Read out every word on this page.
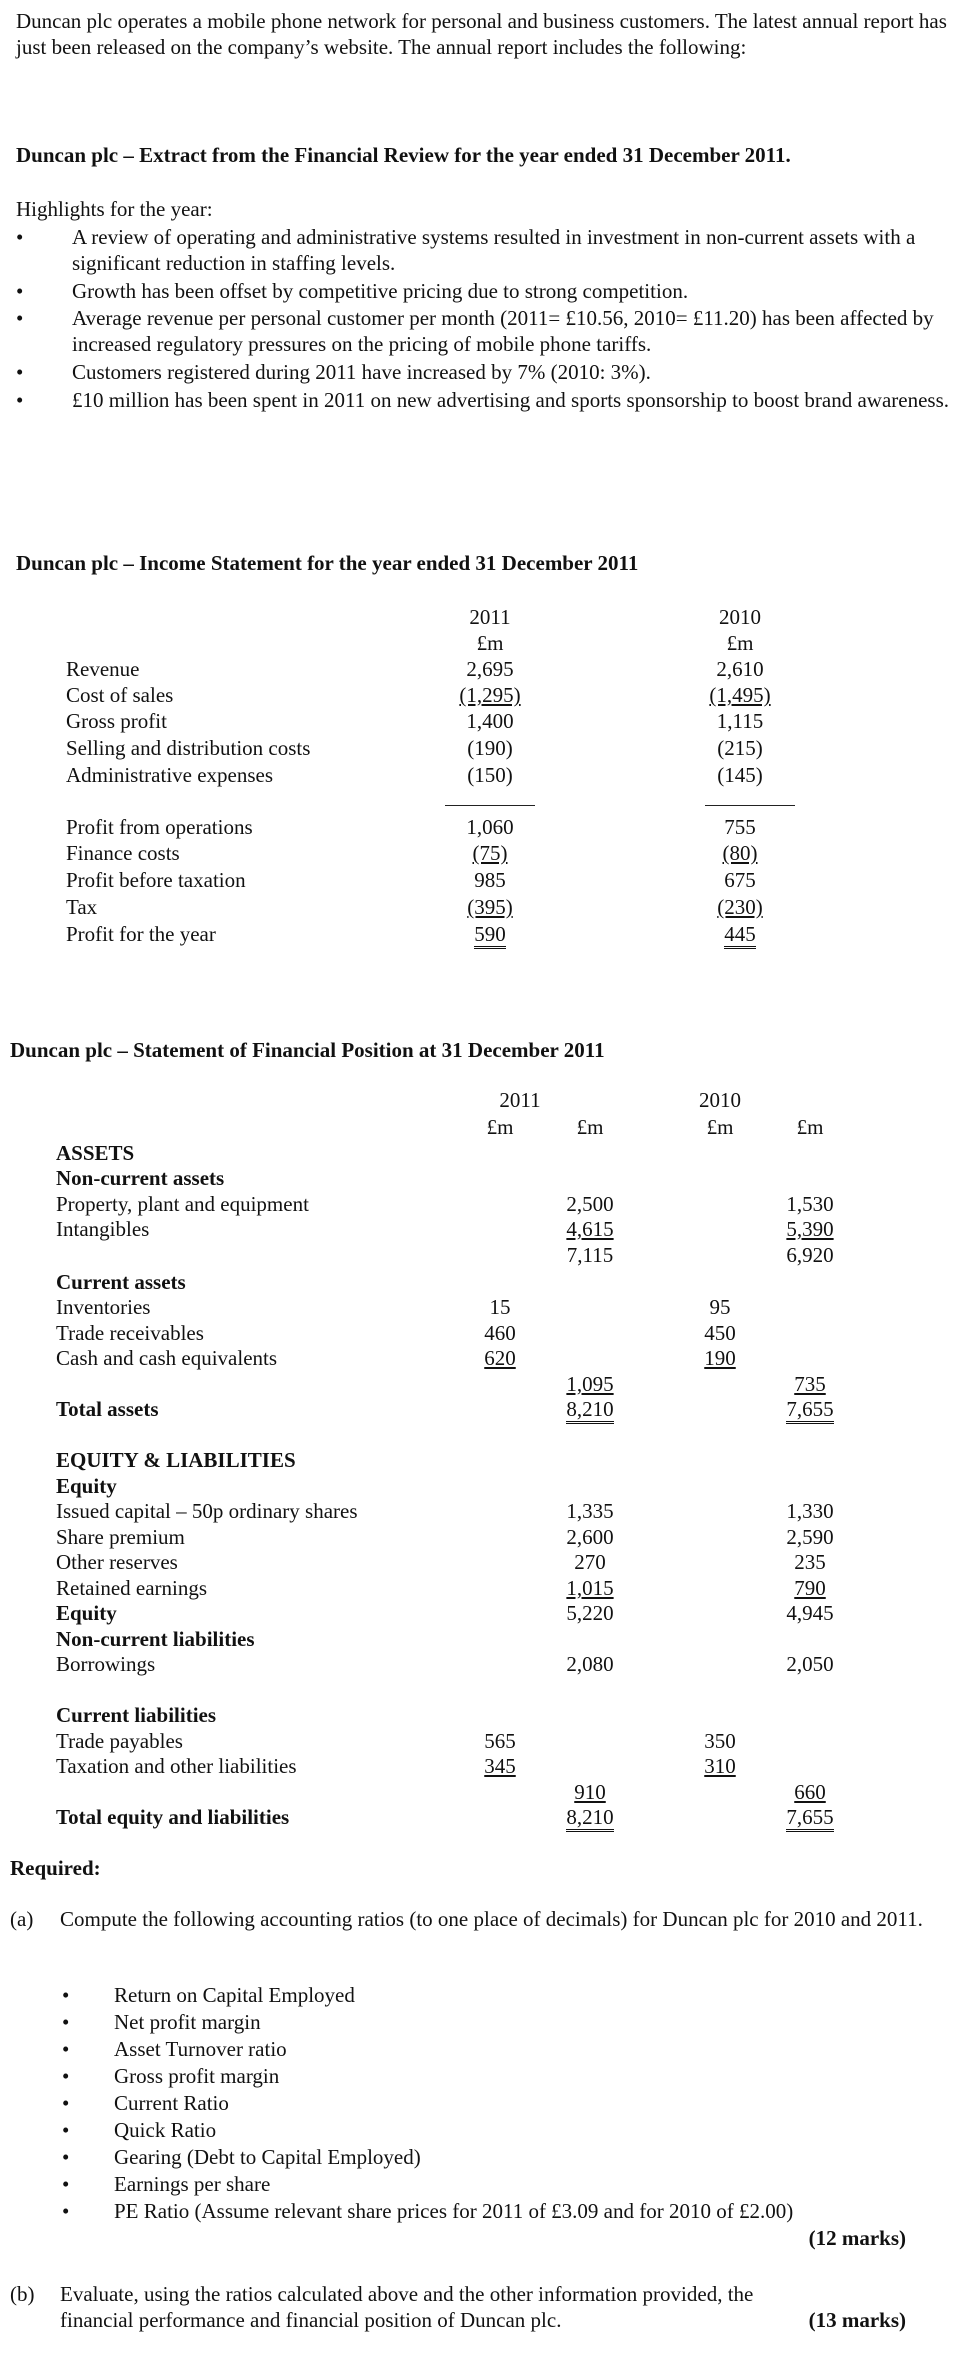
Duncan plc operates a mobile phone network for personal and business customers. The latest annual report has just been released on the company’s website. The annual report includes the following:
Duncan plc – Extract from the Financial Review for the year ended 31 December 2011.
Highlights for the year:
• A review of operating and administrative systems resulted in investment in non-current assets with a significant reduction in staffing levels.
• Growth has been offset by competitive pricing due to strong competition.
• Average revenue per personal customer per month (2011= £10.56, 2010= £11.20) has been affected by increased regulatory pressures on the pricing of mobile phone tariffs.
• Customers registered during 2011 have increased by 7% (2010: 3%).
• £10 million has been spent in 2011 on new advertising and sports sponsorship to boost brand awareness.
Duncan plc – Income Statement for the year ended 31 December 2011
2011	2010
£m	£m
Revenue	2,695	2,610
Cost of sales	(1,295)	(1,495)
Gross profit	1,400	1,115
Selling and distribution costs	(190)	(215)
Administrative expenses	(150)	(145)
Profit from operations	1,060	755
Finance costs	(75)	(80)
Profit before taxation	985	675
Tax	(395)	(230)
Profit for the year	590	445
Duncan plc – Statement of Financial Position at 31 December 2011
2011	2010
£m	£m	£m	£m
ASSETS
Non-current assets
Property, plant and equipment	2,500	1,530
Intangibles	4,615	5,390
7,115	6,920
Current assets
Inventories	15	95
Trade receivables	460	450
Cash and cash equivalents	620	190
1,095	735
Total assets	8,210	7,655
EQUITY & LIABILITIES
Equity
Issued capital – 50p ordinary shares	1,335	1,330
Share premium	2,600	2,590
Other reserves	270	235
Retained earnings	1,015	790
Equity	5,220	4,945
Non-current liabilities
Borrowings	2,080	2,050
Current liabilities
Trade payables	565	350
Taxation and other liabilities	345	310
910	660
Total equity and liabilities	8,210	7,655
Required:
(a) Compute the following accounting ratios (to one place of decimals) for Duncan plc for 2010 and 2011.
• Return on Capital Employed
• Net profit margin
• Asset Turnover ratio
• Gross profit margin
• Current Ratio
• Quick Ratio
• Gearing (Debt to Capital Employed)
• Earnings per share
• PE Ratio (Assume relevant share prices for 2011 of £3.09 and for 2010 of £2.00)
(12 marks)
(b) Evaluate, using the ratios calculated above and the other information provided, the financial performance and financial position of Duncan plc.	(13 marks)
